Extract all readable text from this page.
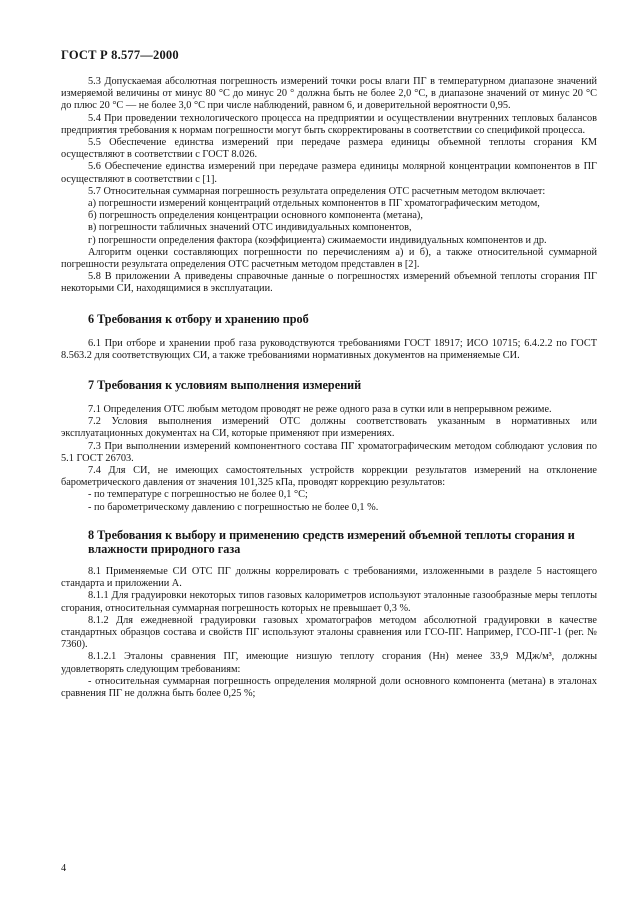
ГОСТ Р 8.577—2000

5.3 Допускаемая абсолютная погрешность измерений точки росы влаги ПГ в температурном диапазоне значений измеряемой величины от минус 80 °С до минус 20 ° должна быть не более 2,0 °С, в диапазоне значений от минус 20 °С до плюс 20 °С — не более 3,0 °С при числе наблюдений, равном 6, и доверительной вероятности 0,95.

5.4 При проведении технологического процесса на предприятии и осуществлении внутренних тепловых балансов предприятия требования к нормам погрешности могут быть скорректированы в соответствии со спецификой процесса.

5.5 Обеспечение единства измерений при передаче размера единицы объемной теплоты сгорания КМ осуществляют в соответствии с ГОСТ 8.026.

5.6 Обеспечение единства измерений при передаче размера единицы молярной концентрации компонентов в ПГ осуществляют в соответствии с [1].

5.7 Относительная суммарная погрешность результата определения ОТС расчетным методом включает:

а) погрешности измерений концентраций отдельных компонентов в ПГ хроматографическим методом,

б) погрешность определения концентрации основного компонента (метана),

в) погрешности табличных значений ОТС индивидуальных компонентов,

г) погрешности определения фактора (коэффициента) сжимаемости индивидуальных компонентов и др.

Алгоритм оценки составляющих погрешности по перечислениям а) и б), а также относительной суммарной погрешности результата определения ОТС расчетным методом представлен в [2].

5.8 В приложении А приведены справочные данные о погрешностях измерений объемной теплоты сгорания ПГ некоторыми СИ, находящимися в эксплуатации.

6 Требования к отбору и хранению проб

6.1 При отборе и хранении проб газа руководствуются требованиями ГОСТ 18917; ИСО 10715; 6.4.2.2 по ГОСТ 8.563.2 для соответствующих СИ, а также требованиями нормативных документов на применяемые СИ.

7 Требования к условиям выполнения измерений

7.1 Определения ОТС любым методом проводят не реже одного раза в сутки или в непрерывном режиме.

7.2 Условия выполнения измерений ОТС должны соответствовать указанным в нормативных или эксплуатационных документах на СИ, которые применяют при измерениях.

7.3 При выполнении измерений компонентного состава ПГ хроматографическим методом соблюдают условия по 5.1 ГОСТ 26703.

7.4 Для СИ, не имеющих самостоятельных устройств коррекции результатов измерений на отклонение барометрического давления от значения 101,325 кПа, проводят коррекцию результатов:

- по температуре с погрешностью не более 0,1 °С;

- по барометрическому давлению с погрешностью не более 0,1 %.

8 Требования к выбору и применению средств измерений объемной теплоты сгорания и влажности природного газа

8.1 Применяемые СИ ОТС ПГ должны коррелировать с требованиями, изложенными в разделе 5 настоящего стандарта и приложении А.

8.1.1 Для градуировки некоторых типов газовых калориметров используют эталонные газообразные меры теплоты сгорания, относительная суммарная погрешность которых не превышает 0,3 %.

8.1.2 Для ежедневной градуировки газовых хроматографов методом абсолютной градуировки в качестве стандартных образцов состава и свойств ПГ используют эталоны сравнения или ГСО-ПГ. Например, ГСО-ПГ-1 (рег. № 7360).

8.1.2.1 Эталоны сравнения ПГ, имеющие низшую теплоту сгорания (Нн) менее 33,9 МДж/м³, должны удовлетворять следующим требованиям:

- относительная суммарная погрешность определения молярной доли основного компонента (метана) в эталонах сравнения ПГ не должна быть более 0,25 %;

4
